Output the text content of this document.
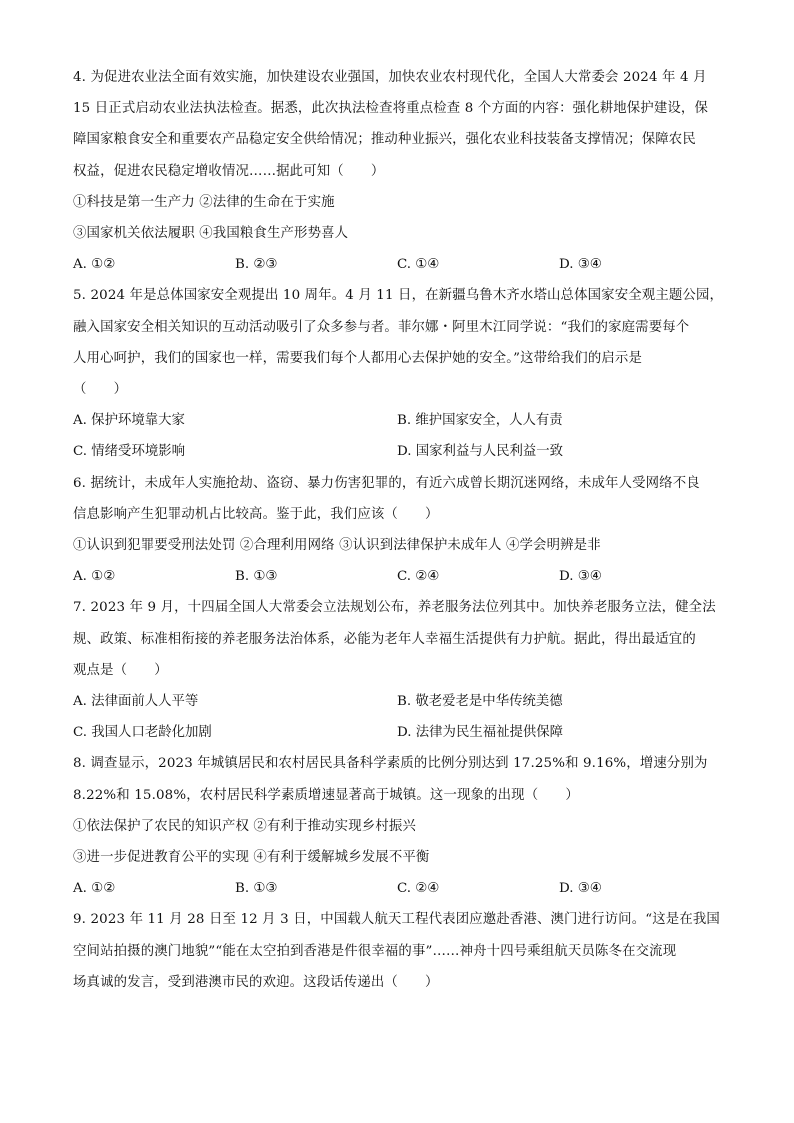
4. 为促进农业法全面有效实施，加快建设农业强国，加快农业农村现代化，全国人大常委会 2024 年 4 月

15 日正式启动农业法执法检查。据悉，此次执法检查将重点检查 8 个方面的内容：强化耕地保护建设，保

障国家粮食安全和重要农产品稳定安全供给情况；推动种业振兴，强化农业科技装备支撑情况；保障农民

权益，促进农民稳定增收情况……据此可知（　　）

①科技是第一生产力 ②法律的生命在于实施

③国家机关依法履职 ④我国粮食生产形势喜人

A. ①②	B. ②③	C. ①④	D. ③④

5. 2024 年是总体国家安全观提出 10 周年。4 月 11 日，在新疆乌鲁木齐水塔山总体国家安全观主题公园，

融入国家安全相关知识的互动活动吸引了众多参与者。菲尔娜・阿里木江同学说：“我们的家庭需要每个

人用心呵护，我们的国家也一样，需要我们每个人都用心去保护她的安全。”这带给我们的启示是

（　　）

A. 保护环境靠大家	B. 维护国家安全，人人有责
C. 情绪受环境影响	D. 国家利益与人民利益一致

6. 据统计，未成年人实施抢劫、盗窃、暴力伤害犯罪的，有近六成曾长期沉迷网络，未成年人受网络不良

信息影响产生犯罪动机占比较高。鉴于此，我们应该（　　）

①认识到犯罪要受刑法处罚 ②合理利用网络 ③认识到法律保护未成年人 ④学会明辨是非

A. ①②	B. ①③	C. ②④	D. ③④

7. 2023 年 9 月，十四届全国人大常委会立法规划公布，养老服务法位列其中。加快养老服务立法，健全法

规、政策、标准相衔接的养老服务法治体系，必能为老年人幸福生活提供有力护航。据此，得出最适宜的

观点是（　　）

A. 法律面前人人平等	B. 敬老爱老是中华传统美德
C. 我国人口老龄化加剧	D. 法律为民生福祉提供保障

8. 调查显示，2023 年城镇居民和农村居民具备科学素质的比例分别达到 17.25%和 9.16%，增速分别为

8.22%和 15.08%，农村居民科学素质增速显著高于城镇。这一现象的出现（　　）

①依法保护了农民的知识产权 ②有利于推动实现乡村振兴

③进一步促进教育公平的实现 ④有利于缓解城乡发展不平衡

A. ①②	B. ①③	C. ②④	D. ③④

9. 2023 年 11 月 28 日至 12 月 3 日，中国载人航天工程代表团应邀赴香港、澳门进行访问。“这是在我国

空间站拍摄的澳门地貌”“能在太空拍到香港是件很幸福的事”……神舟十四号乘组航天员陈冬在交流现

场真诚的发言，受到港澳市民的欢迎。这段话传递出（　　）
